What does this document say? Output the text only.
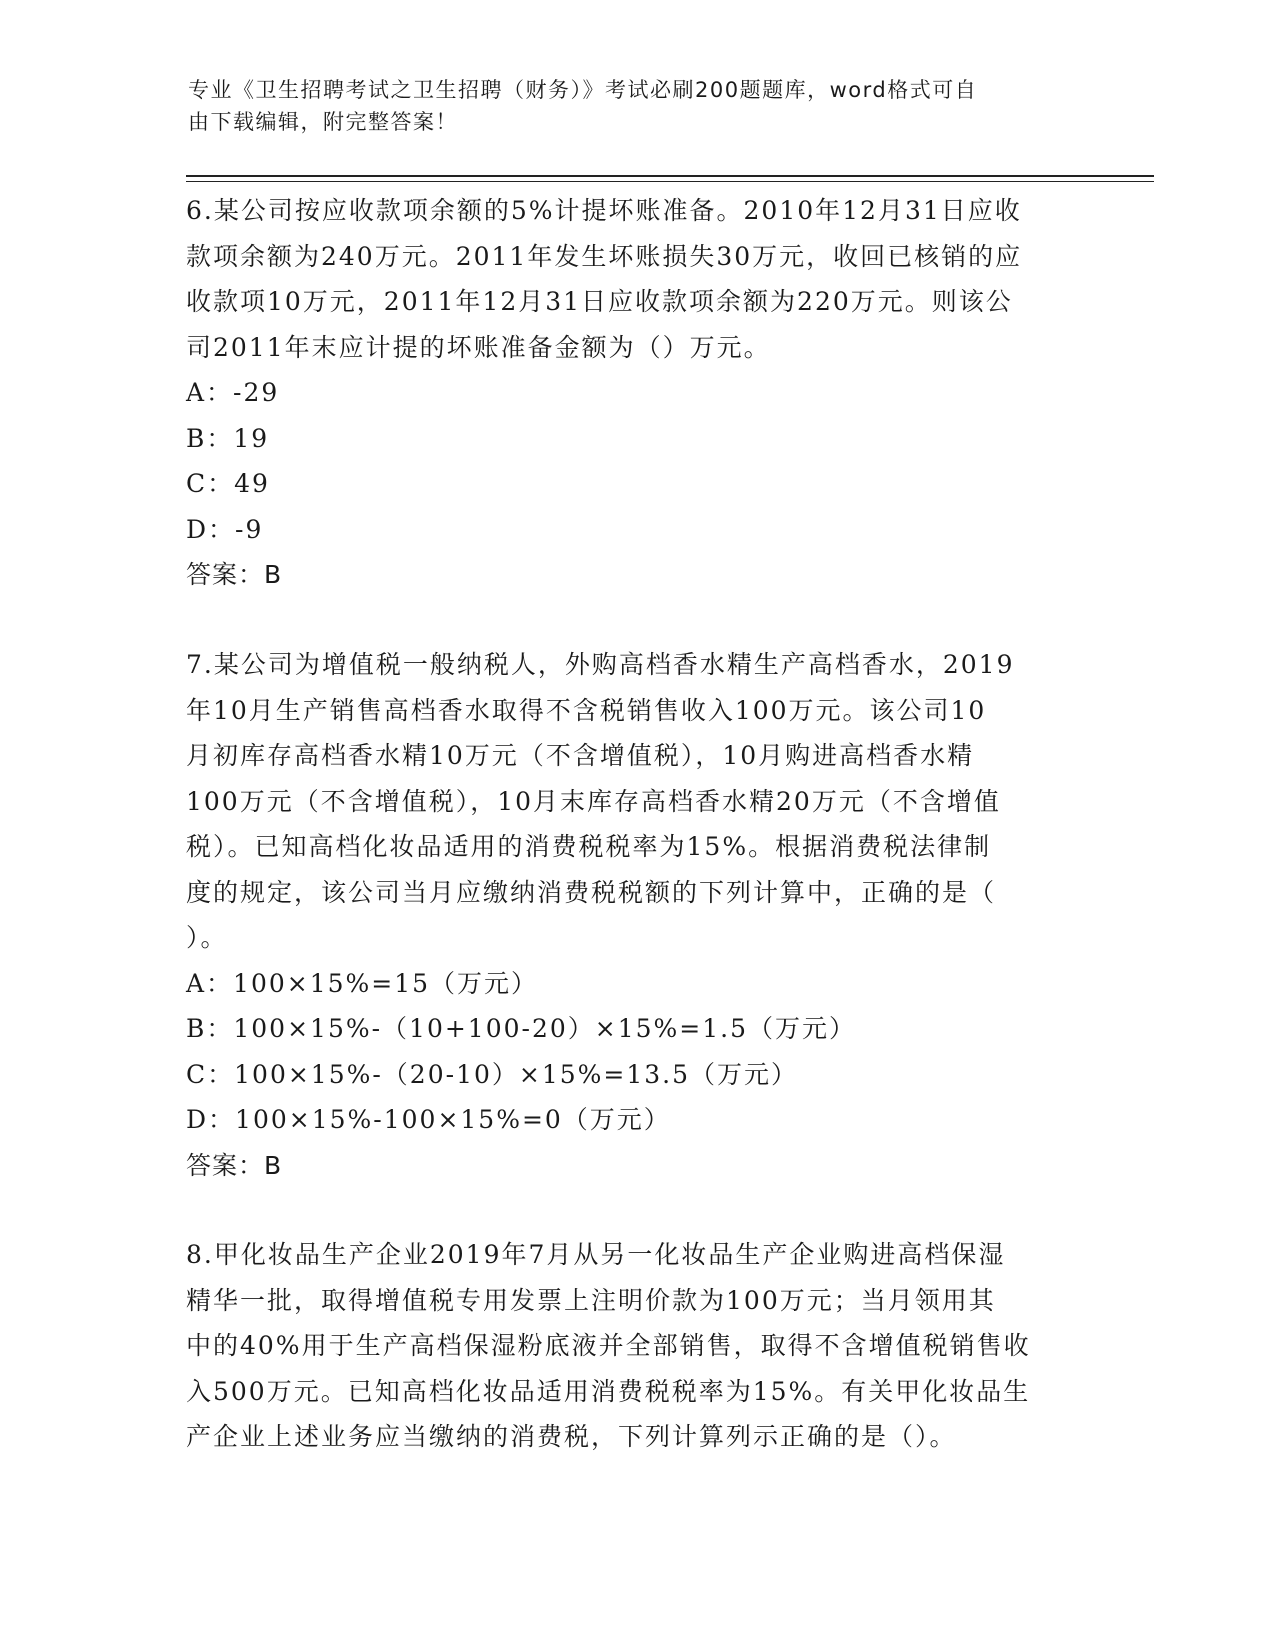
专业《卫生招聘考试之卫生招聘（财务）》考试必刷200题题库，word格式可自
由下载编辑，附完整答案！
6.某公司按应收款项余额的5%计提坏账准备。2010年12月31日应收
款项余额为240万元。2011年发生坏账损失30万元，收回已核销的应
收款项10万元，2011年12月31日应收款项余额为220万元。则该公
司2011年末应计提的坏账准备金额为（）万元。
A：-29
B：19
C：49
D：-9
答案：B
7.某公司为增值税一般纳税人，外购高档香水精生产高档香水，2019
年10月生产销售高档香水取得不含税销售收入100万元。该公司10
月初库存高档香水精10万元（不含增值税），10月购进高档香水精
100万元（不含增值税），10月末库存高档香水精20万元（不含增值
税）。已知高档化妆品适用的消费税税率为15%。根据消费税法律制
度的规定，该公司当月应缴纳消费税税额的下列计算中，正确的是（
）。
A：100×15%=15（万元）
B：100×15%-（10+100-20）×15%=1.5（万元）
C：100×15%-（20-10）×15%=13.5（万元）
D：100×15%-100×15%=0（万元）
答案：B
8.甲化妆品生产企业2019年7月从另一化妆品生产企业购进高档保湿
精华一批，取得增值税专用发票上注明价款为100万元；当月领用其
中的40%用于生产高档保湿粉底液并全部销售，取得不含增值税销售收
入500万元。已知高档化妆品适用消费税税率为15%。有关甲化妆品生
产企业上述业务应当缴纳的消费税，下列计算列示正确的是（）。
